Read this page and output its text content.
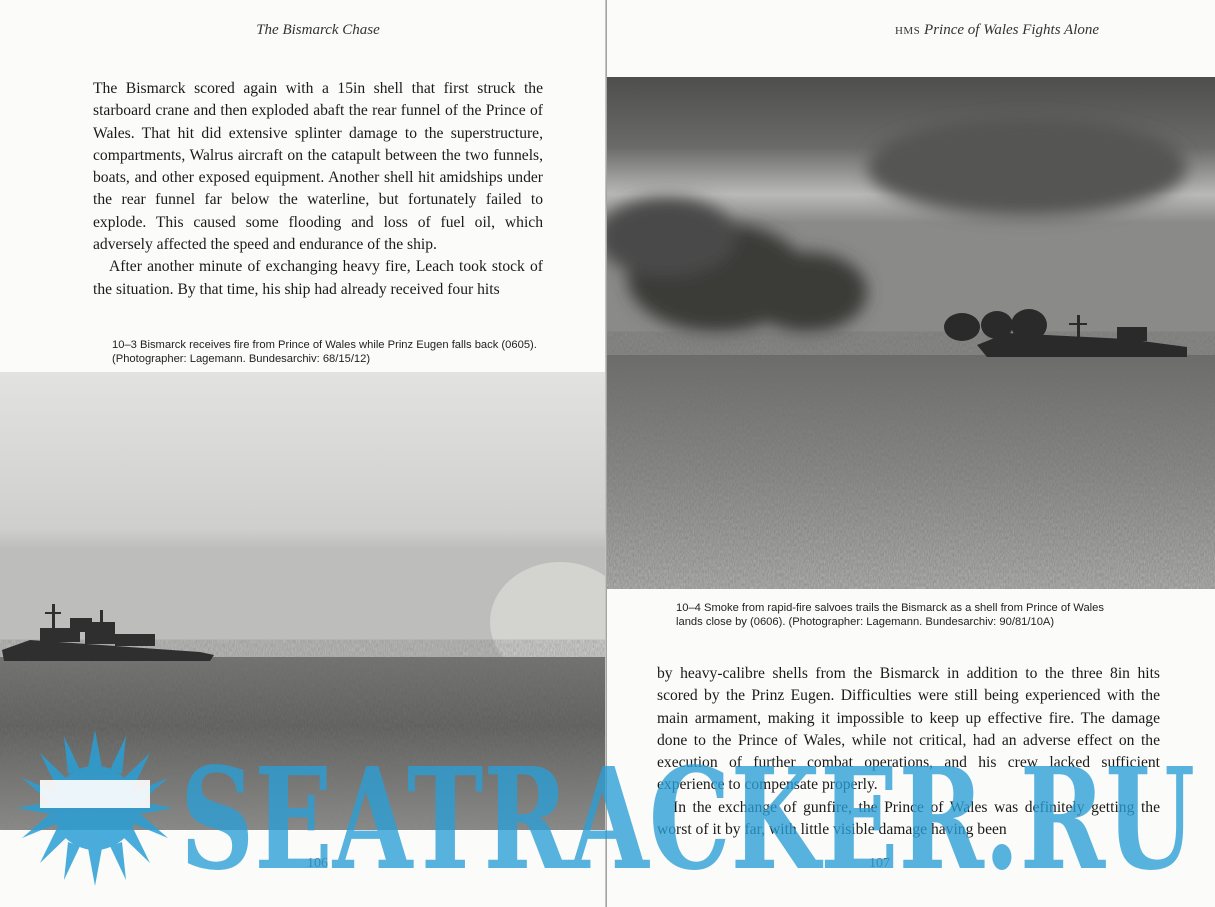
The Bismarck Chase

The Bismarck scored again with a 15in shell that first struck the starboard crane and then exploded abaft the rear funnel of the Prince of Wales. That hit did extensive splinter damage to the superstructure, compartments, Walrus aircraft on the catapult between the two funnels, boats, and other exposed equipment. Another shell hit amidships under the rear funnel far below the waterline, but fortunately failed to explode. This caused some flooding and loss of fuel oil, which adversely affected the speed and endurance of the ship.

After another minute of exchanging heavy fire, Leach took stock of the situation. By that time, his ship had already received four hits

10–3 Bismarck receives fire from Prince of Wales while Prinz Eugen falls back (0605). (Photographer: Lagemann. Bundesarchiv: 68/15/12)
106
HMS Prince of Wales Fights Alone
10–4 Smoke from rapid-fire salvoes trails the Bismarck as a shell from Prince of Wales lands close by (0606). (Photographer: Lagemann. Bundesarchiv: 90/81/10A)

by heavy-calibre shells from the Bismarck in addition to the three 8in hits scored by the Prinz Eugen. Difficulties were still being experienced with the main armament, making it impossible to keep up effective fire. The damage done to the Prince of Wales, while not critical, had an adverse effect on the execution of further combat operations, and his crew lacked sufficient experience to compensate properly.

In the exchange of gunfire, the Prince of Wales was definitely getting the worst of it by far, with little visible damage having been

107
SEATRACKER.RU
